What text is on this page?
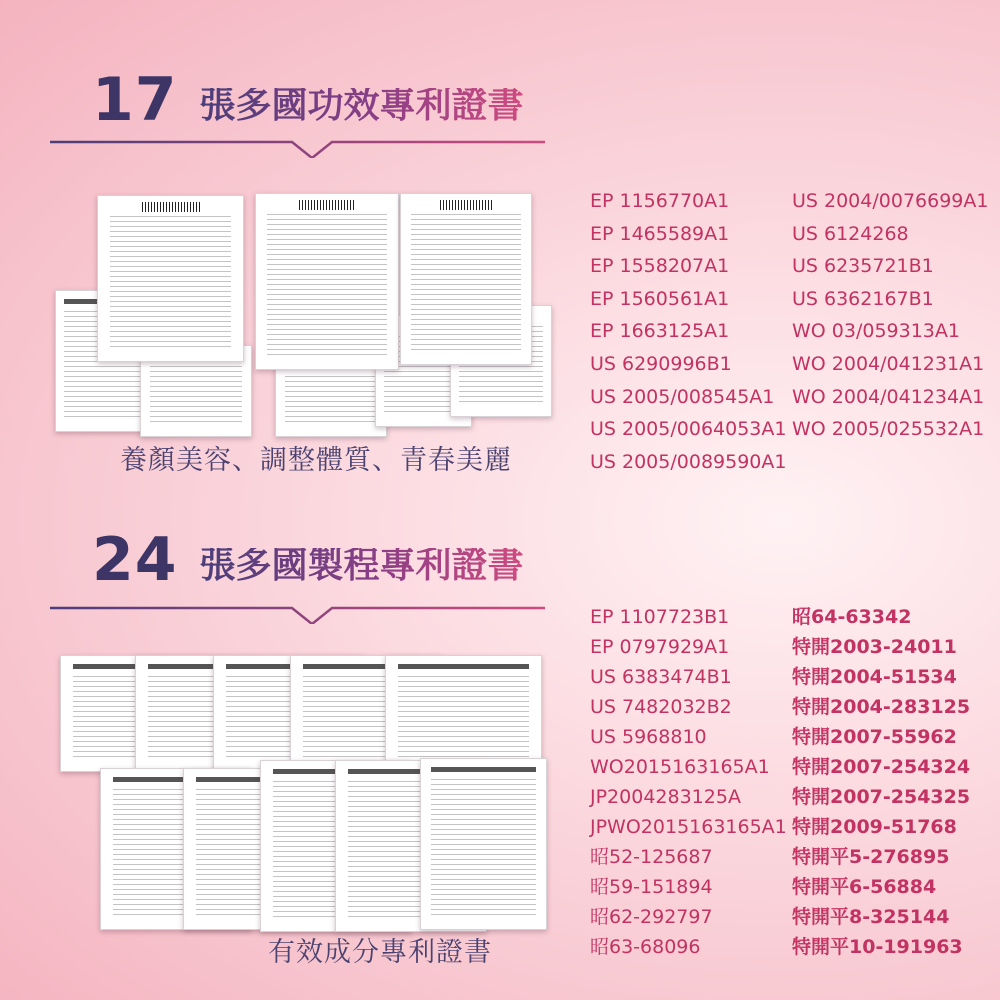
17 張多國功效專利證書
養顏美容、調整體質、青春美麗
EP 1156770A1
EP 1465589A1
EP 1558207A1
EP 1560561A1
EP 1663125A1
US 6290996B1
US 2005/008545A1
US 2005/0064053A1
US 2005/0089590A1
US 2004/0076699A1
US 6124268
US 6235721B1
US 6362167B1
WO 03/059313A1
WO 2004/041231A1
WO 2004/041234A1
WO 2005/025532A1
24 張多國製程專利證書
有效成分專利證書
EP 1107723B1
EP 0797929A1
US 6383474B1
US 7482032B2
US 5968810
WO2015163165A1
JP2004283125A
JPWO2015163165A1
昭52-125687
昭59-151894
昭62-292797
昭63-68096
昭64-63342
特開2003-24011
特開2004-51534
特開2004-283125
特開2007-55962
特開2007-254324
特開2007-254325
特開2009-51768
特開平5-276895
特開平6-56884
特開平8-325144
特開平10-191963
